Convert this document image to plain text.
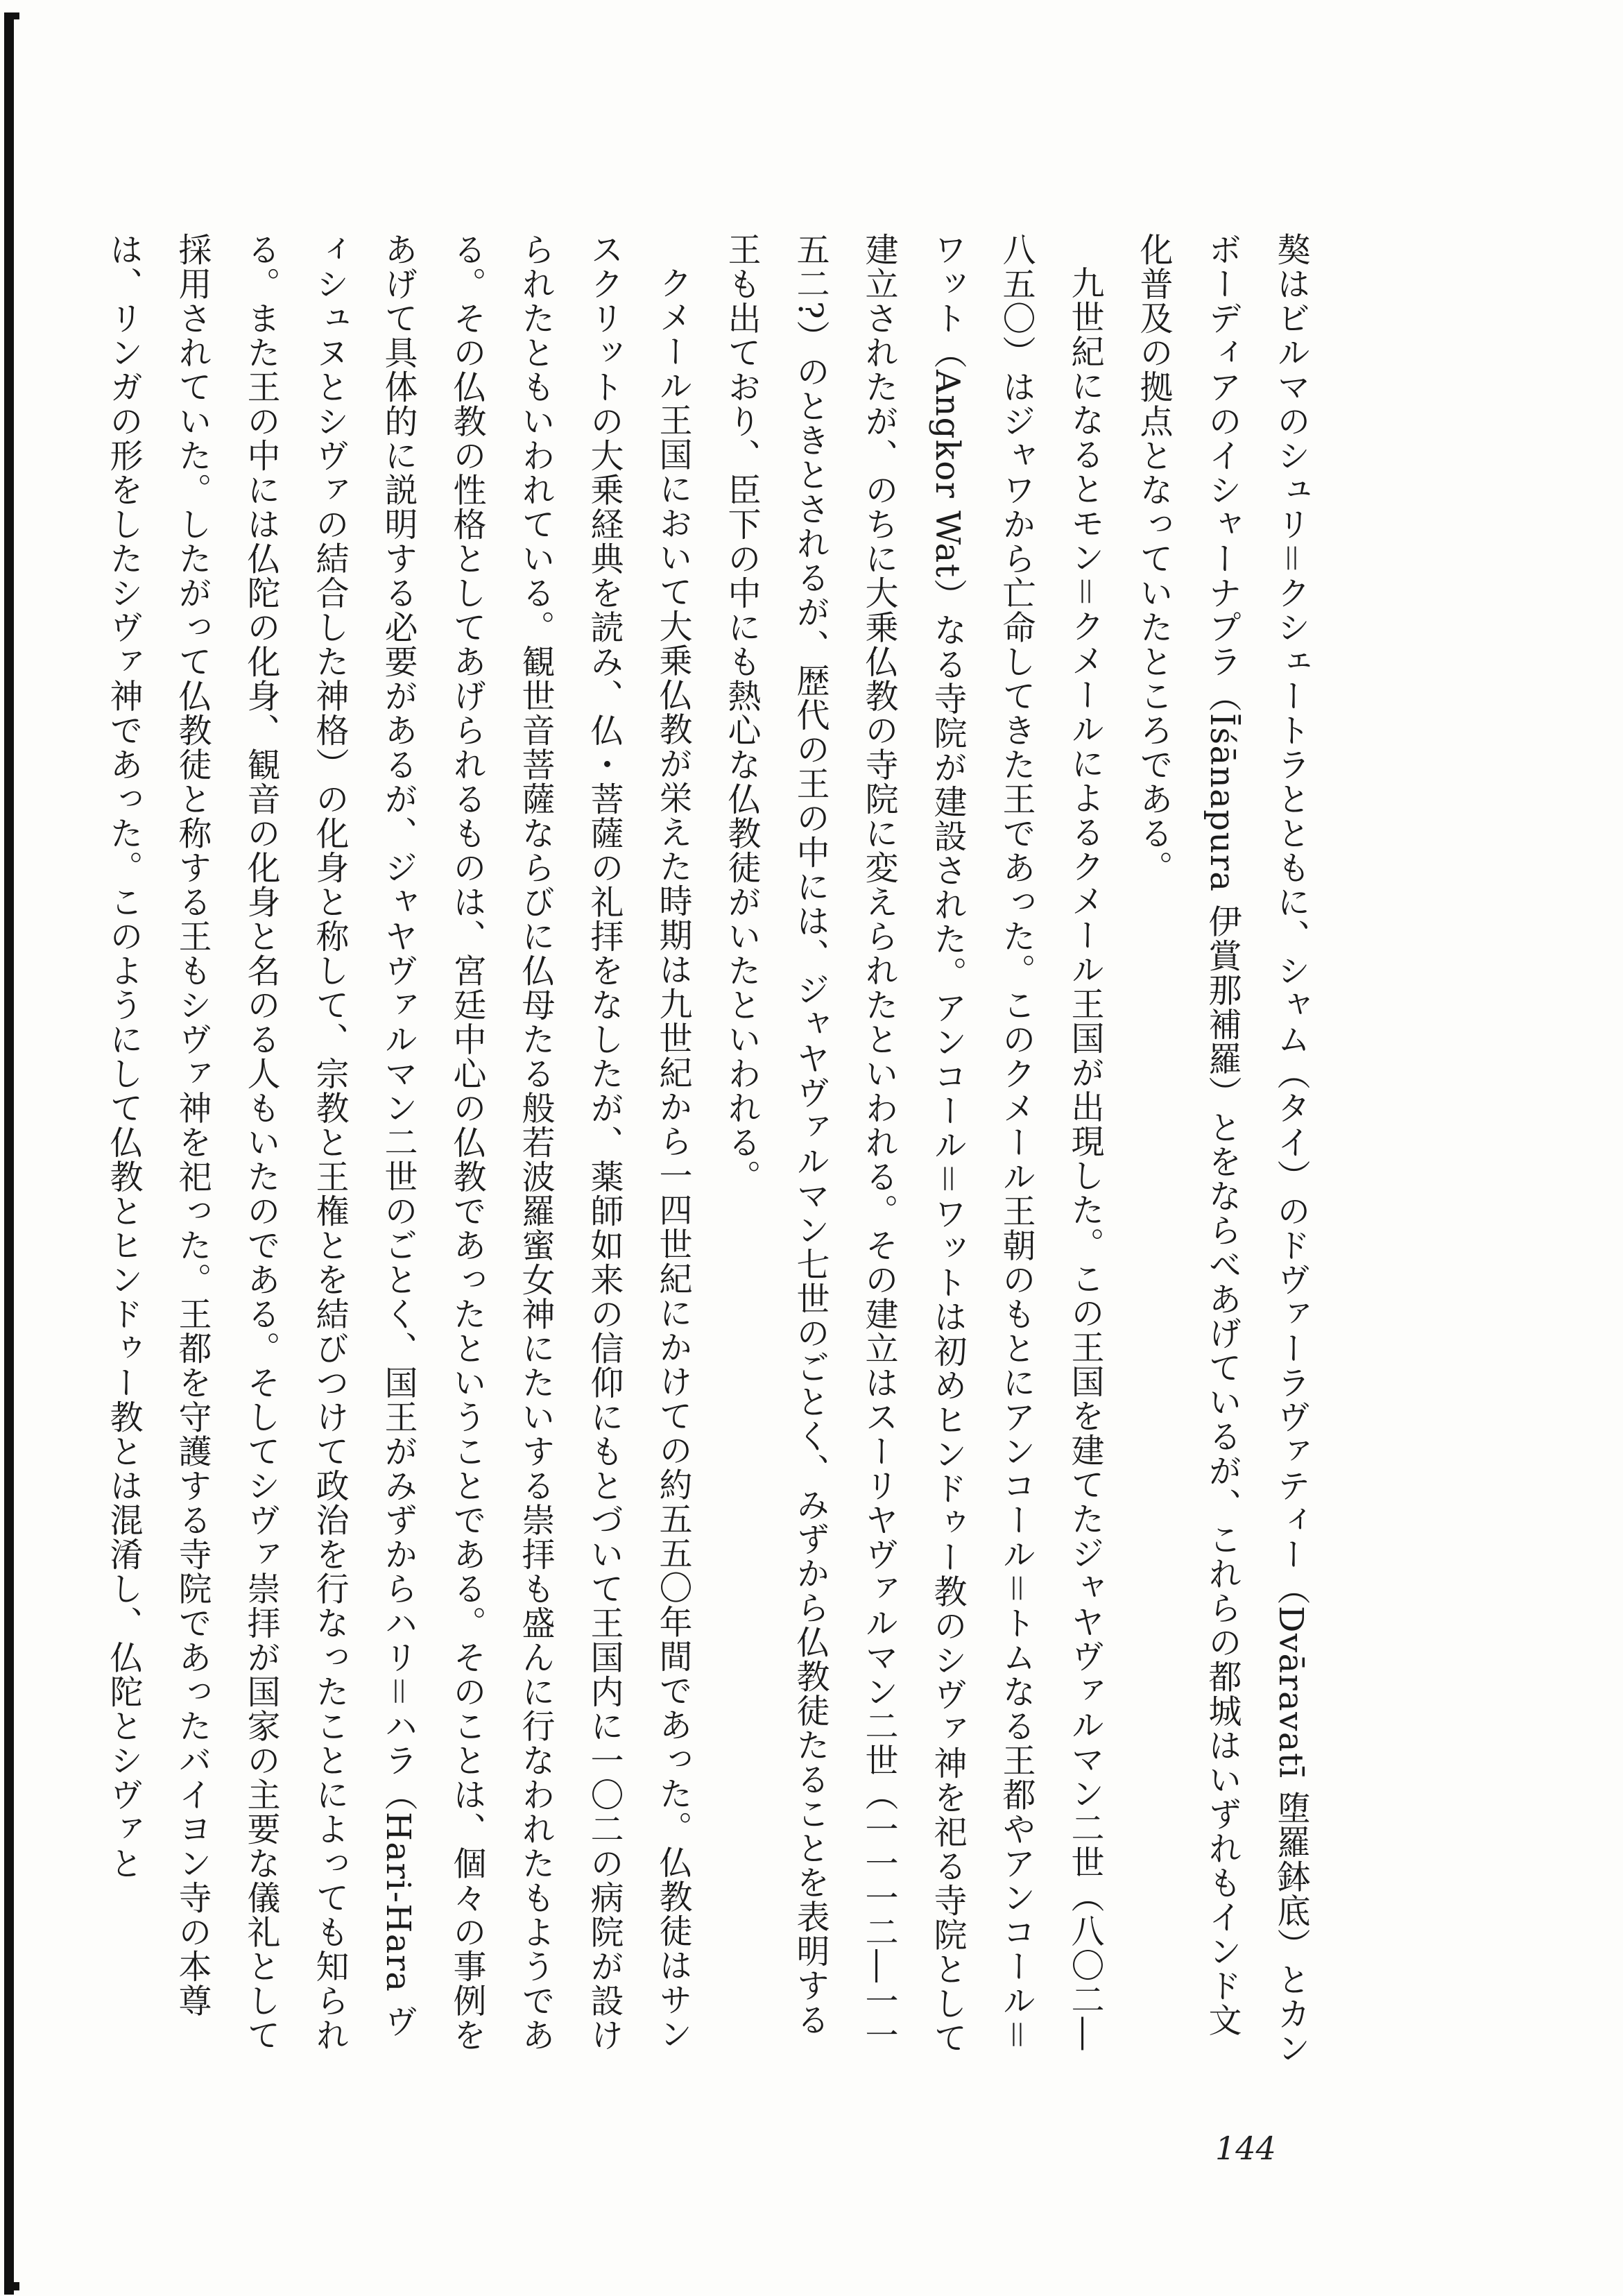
獒はビルマのシュリ＝クシェートラとともに、シャム（タイ）のドヴァーラヴァティー（Dvāravatī 堕羅鉢底）とカンボーディアのイシャーナプラ（Īśānapura 伊賞那補羅）とをならべあげているが、これらの都城はいずれもインド文化普及の拠点となっていたところである。

九世紀になるとモン＝クメールによるクメール王国が出現した。この王国を建てたジャヤヴァルマン二世（八〇二―八五〇）はジャワから亡命してきた王であった。このクメール王朝のもとにアンコール＝トムなる王都やアンコール＝ワット（Angkor Wat）なる寺院が建設された。アンコール＝ワットは初めヒンドゥー教のシヴァ神を祀る寺院として建立されたが、のちに大乗仏教の寺院に変えられたといわれる。その建立はスーリヤヴァルマン二世（一一一二―一一五二?）のときとされるが、歴代の王の中には、ジャヤヴァルマン七世のごとく、みずから仏教徒たることを表明する王も出ており、臣下の中にも熱心な仏教徒がいたといわれる。

クメール王国において大乗仏教が栄えた時期は九世紀から一四世紀にかけての約五五〇年間であった。仏教徒はサンスクリットの大乗経典を読み、仏・菩薩の礼拝をなしたが、薬師如来の信仰にもとづいて王国内に一〇二の病院が設けられたともいわれている。観世音菩薩ならびに仏母たる般若波羅蜜女神にたいする崇拝も盛んに行なわれたもようである。その仏教の性格としてあげられるものは、宮廷中心の仏教であったということである。そのことは、個々の事例をあげて具体的に説明する必要があるが、ジャヤヴァルマン二世のごとく、国王がみずからハリ＝ハラ（Hari-Hara ヴィシュヌとシヴァの結合した神格）の化身と称して、宗教と王権とを結びつけて政治を行なったことによっても知られる。また王の中には仏陀の化身、観音の化身と名のる人もいたのである。そしてシヴァ崇拝が国家の主要な儀礼として採用されていた。したがって仏教徒と称する王もシヴァ神を祀った。王都を守護する寺院であったバイヨン寺の本尊は、リンガの形をしたシヴァ神であった。このようにして仏教とヒンドゥー教とは混淆し、仏陀とシヴァと

144
